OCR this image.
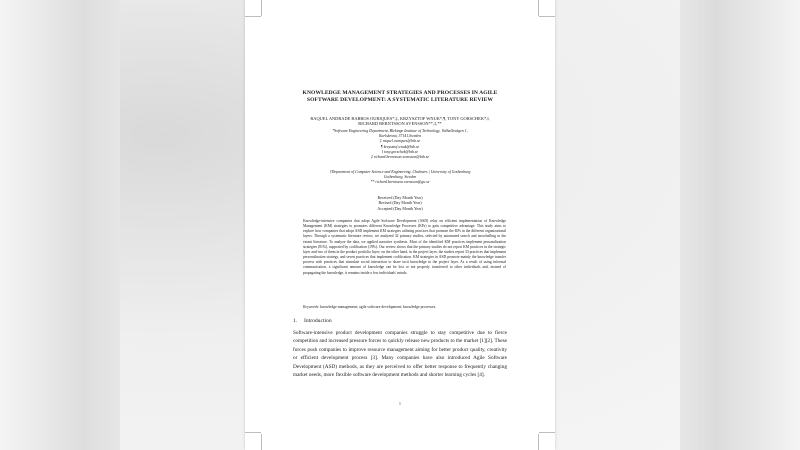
KNOWLEDGE MANAGEMENT STRATEGIES AND PROCESSES IN AGILE
SOFTWARE DEVELOPMENT: A SYSTEMATIC LITERATURE REVIEW
RAQUEL ANDRADE BARROS OURIQUES*,‡, KRZYSZTOF WNUK*,¶, TONY GORSCHEK*,‖,
RICHARD BERNTSSON SVENSSON**,‡,**
*Software Engineering Department, Blekinge Institute of Technology, Valhallavägen 1,
Karlskrona, 37141,Sweden
‡ raquel.ouriques@bth.se
¶ krzysztof.wnuk@bth.se
‖ tony.gorschek@bth.se
‡ richard.berntsson.svensson@bth.se
†Department of Computer Science and Engineering, Chalmers | University of Gothenburg
Gothenburg, Sweden
** richard.berntsson.svensson@gu.se
Received (Day Month Year)
Revised (Day Month Year)
Accepted (Day Month Year)
Knowledge-intensive companies that adopt Agile Software Development (ASD) relay on efficient implementation of Knowledge Management (KM) strategies to promotes different Knowledge Processes (KPs) to gain competitive advantage. This study aims to explore how companies that adopt ASD implement KM strategies utilizing practices that promote the KPs in the different organizational layers. Through a systematic literature review, we analyzed 32 primary studies, selected by automated search and snowballing in the extant literature. To analyze the data, we applied narrative synthesis. Most of the identified KM practices implement personalization strategies (81%), supported by codification (19%). Our review shows that the primary studies do not report KM practices in the strategic layer and two of them in the product portfolio layer; on the other hand, in the project layer, the studies report 33 practices that implement personalization strategy, and seven practices that implement codification. KM strategies in ASD promote mainly the knowledge transfer process with practices that stimulate social interaction to share tacit knowledge in the project layer. As a result of using informal communication, a significant amount of knowledge can be lost or not properly transferred to other individuals and, instead of propagating the knowledge, it remains inside a few individuals' minds.
Keywords: knowledge management; agile software development; knowledge processes.
1. Introduction
Software-intensive product development companies struggle to stay competitive due to fierce competition and increased pressure forces to quickly release new products to the market [1][2]. These forces push companies to improve resource management aiming for better product quality, creativity or efficient development process [3]. Many companies have also introduced Agile Software Development (ASD) methods, as they are perceived to offer better response to frequently changing market needs, more flexible software development methods and shorter learning cycles [4].
1
